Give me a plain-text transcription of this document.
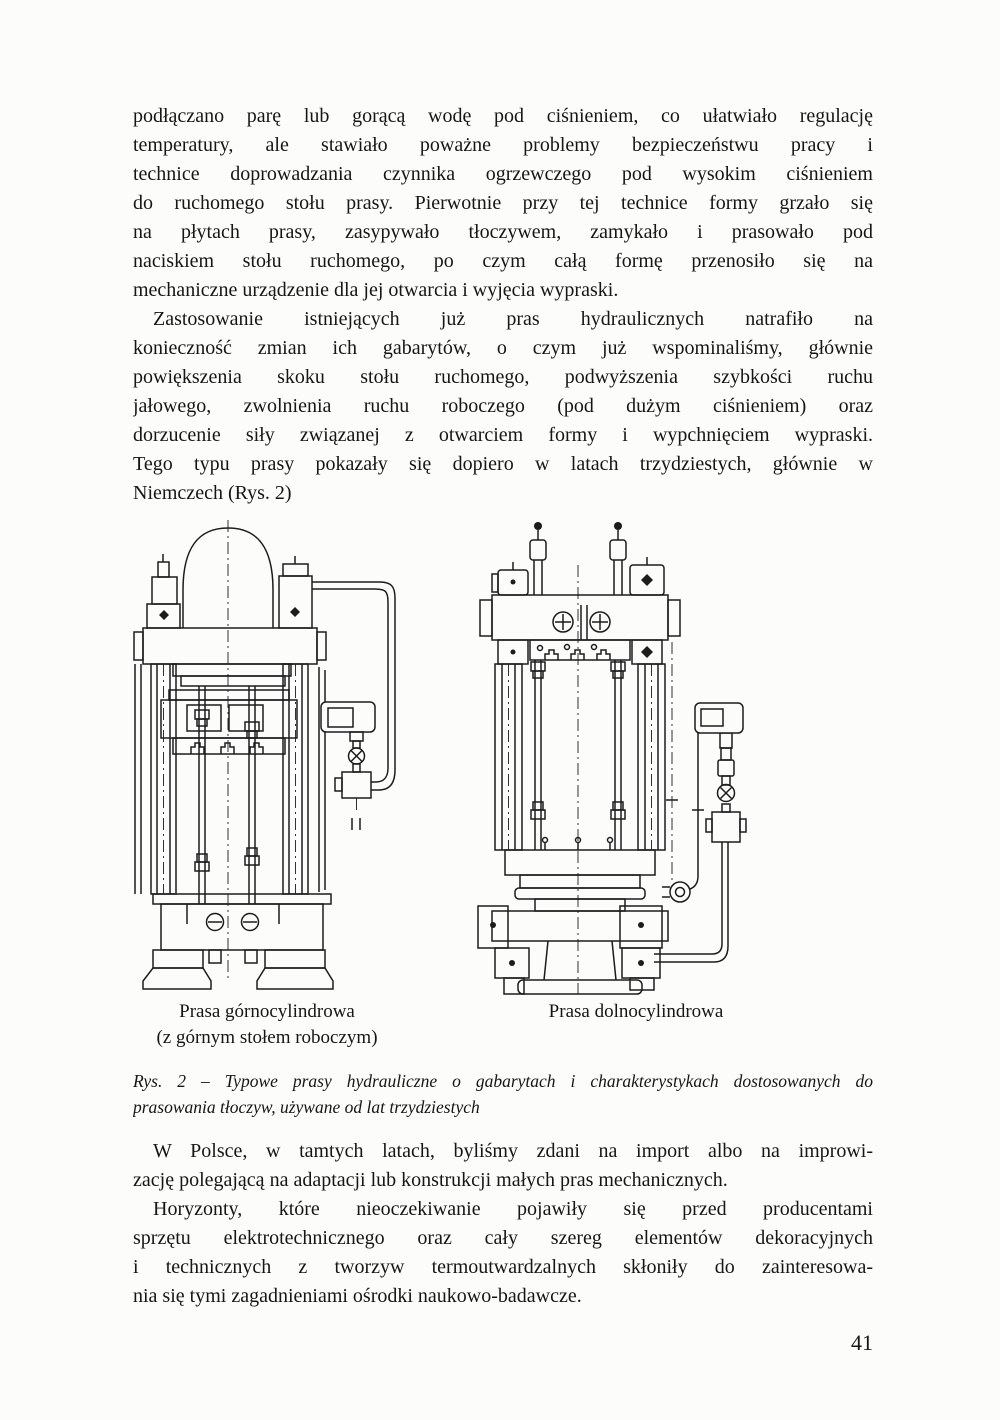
podłączano parę lub gorącą wodę pod ciśnieniem, co ułatwiało regulację
temperatury, ale stawiało poważne problemy bezpieczeństwu pracy i
technice doprowadzania czynnika ogrzewczego pod wysokim ciśnieniem
do ruchomego stołu prasy. Pierwotnie przy tej technice formy grzało się
na płytach prasy, zasypywało tłoczywem, zamykało i prasowało pod
naciskiem stołu ruchomego, po czym całą formę przenosiło się na
mechaniczne urządzenie dla jej otwarcia i wyjęcia wypraski.
Zastosowanie istniejących już pras hydraulicznych natrafiło na
konieczność zmian ich gabarytów, o czym już wspominaliśmy, głównie
powiększenia skoku stołu ruchomego, podwyższenia szybkości ruchu
jałowego, zwolnienia ruchu roboczego (pod dużym ciśnieniem) oraz
dorzucenie siły związanej z otwarciem formy i wypchnięciem wypraski.
Tego typu prasy pokazały się dopiero w latach trzydziestych, głównie w
Niemczech (Rys. 2)
Prasa górnocylindrowa
(z górnym stołem roboczym)
Prasa dolnocylindrowa
Rys. 2 – Typowe prasy hydrauliczne o gabarytach i charakterystykach dostosowanych do
prasowania tłoczyw, używane od lat trzydziestych
W Polsce, w tamtych latach, byliśmy zdani na import albo na improwi-
zację polegającą na adaptacji lub konstrukcji małych pras mechanicznych.
Horyzonty, które nieoczekiwanie pojawiły się przed producentami
sprzętu elektrotechnicznego oraz cały szereg elementów dekoracyjnych
i technicznych z tworzyw termoutwardzalnych skłoniły do zainteresowa-
nia się tymi zagadnieniami ośrodki naukowo-badawcze.
41
